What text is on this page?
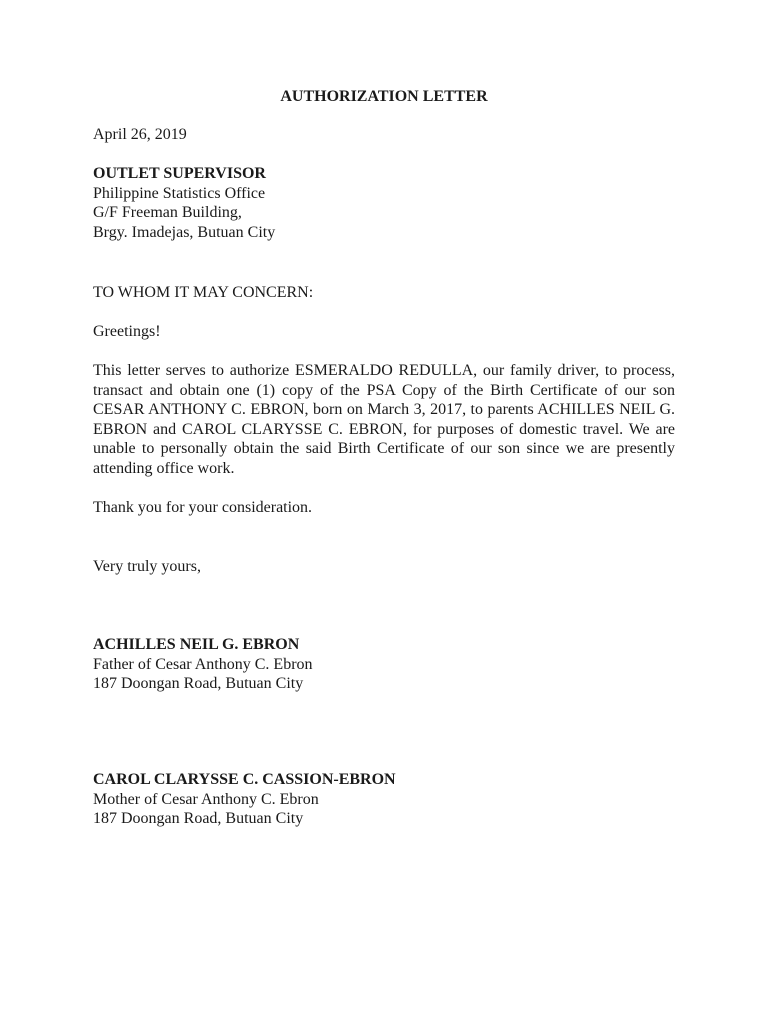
AUTHORIZATION LETTER
April 26, 2019
OUTLET SUPERVISOR
Philippine Statistics Office
G/F Freeman Building,
Brgy. Imadejas, Butuan City
TO WHOM IT MAY CONCERN:
Greetings!
This letter serves to authorize ESMERALDO REDULLA, our family driver, to process, transact and obtain one (1) copy of the PSA Copy of the Birth Certificate of our son CESAR ANTHONY C. EBRON, born on March 3, 2017, to parents ACHILLES NEIL G. EBRON and CAROL CLARYSSE C. EBRON, for purposes of domestic travel. We are unable to personally obtain the said Birth Certificate of our son since we are presently attending office work.
Thank you for your consideration.
Very truly yours,
ACHILLES NEIL G. EBRON
Father of Cesar Anthony C. Ebron
187 Doongan Road, Butuan City
CAROL CLARYSSE C. CASSION-EBRON
Mother of Cesar Anthony C. Ebron
187 Doongan Road, Butuan City
